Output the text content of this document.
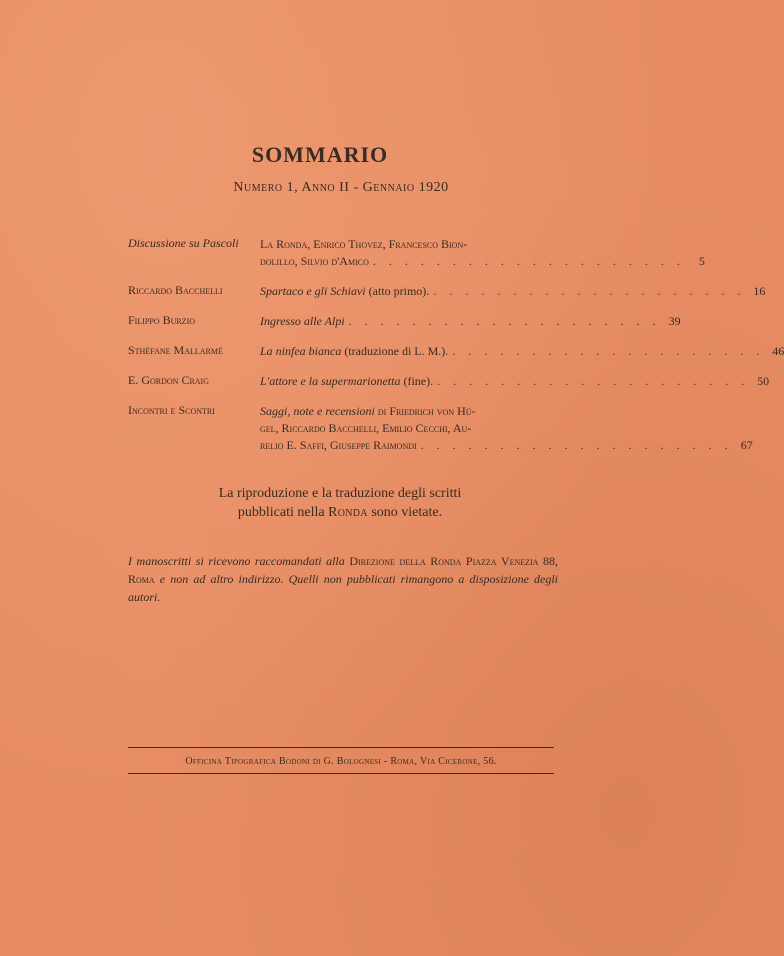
SOMMARIO
Numero 1, Anno II - Gennaio 1920
Discussione su Pascoli	La Ronda, Enrico Thovez, Francesco Bion-
dolillo, Silvio d'Amico . . . . . . . . . . . . . . . . . . . .	5
Riccardo Bacchelli	Spartaco e gli Schiavi (atto primo). . . . . . . . . . . . . . . . . . . . . 16
Filippo Burzio	Ingresso alle Alpi . . . . . . . . . . . . . . . . . . . . 39
Sthéfane Mallarmé	La ninfea bianca (traduzione di L. M.). . . . . . . . . . . . . . . . . . . . . 46
E. Gordon Craig	L'attore e la supermarionetta (fine). . . . . . . . . . . . . . . . . . . . . 50
Incontri e Scontri	Saggi, note e recensioni di Friedrich von Hü-
gel, Riccardo Bacchelli, Emilio Cecchi, Au-
relio E. Saffi, Giuseppe Raimondi . . . . . . . . . . . . . . . . . . . . 67
La riproduzione e la traduzione degli scritti
pubblicati nella Ronda sono vietate.
I manoscritti si ricevono raccomandati alla Direzione della Ronda Piazza Venezia 88, Roma e non ad altro indirizzo. Quelli non pubblicati rimangono a disposizione degli autori.
Officina Tipografica Bodoni di G. Bolognesi - Roma, Via Cicerone, 56.
